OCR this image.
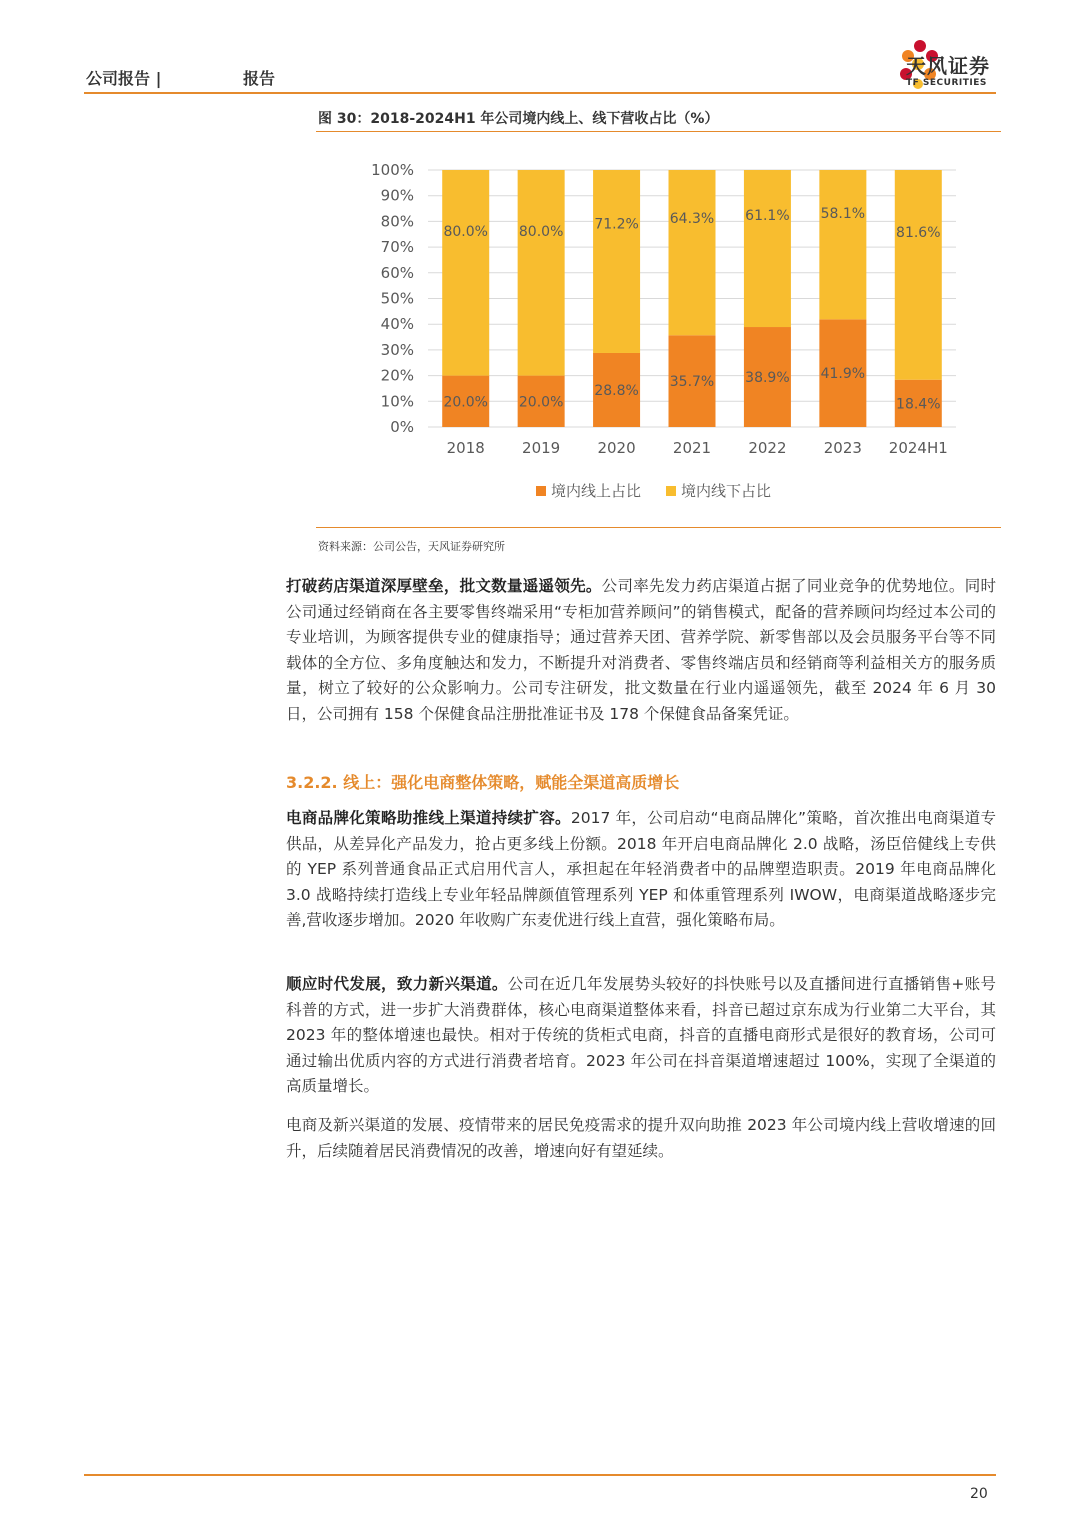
公司报告 |	报告
天风证券
TF SECURITIES
图 30：2018-2024H1 年公司境内线上、线下营收占比（%）
0%
10%
20%
30%
40%
50%
60%
70%
80%
90%
100%
20.0%
80.0%
2018
20.0%
80.0%
2019
28.8%
71.2%
2020
35.7%
64.3%
2021
38.9%
61.1%
2022
41.9%
58.1%
2023
18.4%
81.6%
2024H1
境内线上占比	境内线下占比
资料来源：公司公告，天风证券研究所
打破药店渠道深厚壁垒，批文数量遥遥领先。公司率先发力药店渠道占据了同业竞争的优势地位。同时公司通过经销商在各主要零售终端采用“专柜加营养顾问”的销售模式，配备的营养顾问均经过本公司的专业培训，为顾客提供专业的健康指导；通过营养天团、营养学院、新零售部以及会员服务平台等不同载体的全方位、多角度触达和发力，不断提升对消费者、零售终端店员和经销商等利益相关方的服务质量，树立了较好的公众影响力。公司专注研发，批文数量在行业内遥遥领先，截至 2024 年 6 月 30 日，公司拥有 158 个保健食品注册批准证书及 178 个保健食品备案凭证。
3.2.2. 线上：强化电商整体策略，赋能全渠道高质增长
电商品牌化策略助推线上渠道持续扩容。2017 年，公司启动“电商品牌化”策略，首次推出电商渠道专供品，从差异化产品发力，抢占更多线上份额。2018 年开启电商品牌化 2.0 战略，汤臣倍健线上专供的 YEP 系列普通食品正式启用代言人，承担起在年轻消费者中的品牌塑造职责。2019 年电商品牌化 3.0 战略持续打造线上专业年轻品牌颜值管理系列 YEP 和体重管理系列 IWOW，电商渠道战略逐步完善,营收逐步增加。2020 年收购广东麦优进行线上直营，强化策略布局。
顺应时代发展，致力新兴渠道。公司在近几年发展势头较好的抖快账号以及直播间进行直播销售+账号科普的方式，进一步扩大消费群体，核心电商渠道整体来看，抖音已超过京东成为行业第二大平台，其 2023 年的整体增速也最快。相对于传统的货柜式电商，抖音的直播电商形式是很好的教育场，公司可通过输出优质内容的方式进行消费者培育。2023 年公司在抖音渠道增速超过 100%，实现了全渠道的高质量增长。
电商及新兴渠道的发展、疫情带来的居民免疫需求的提升双向助推 2023 年公司境内线上营收增速的回升，后续随着居民消费情况的改善，增速向好有望延续。
20
